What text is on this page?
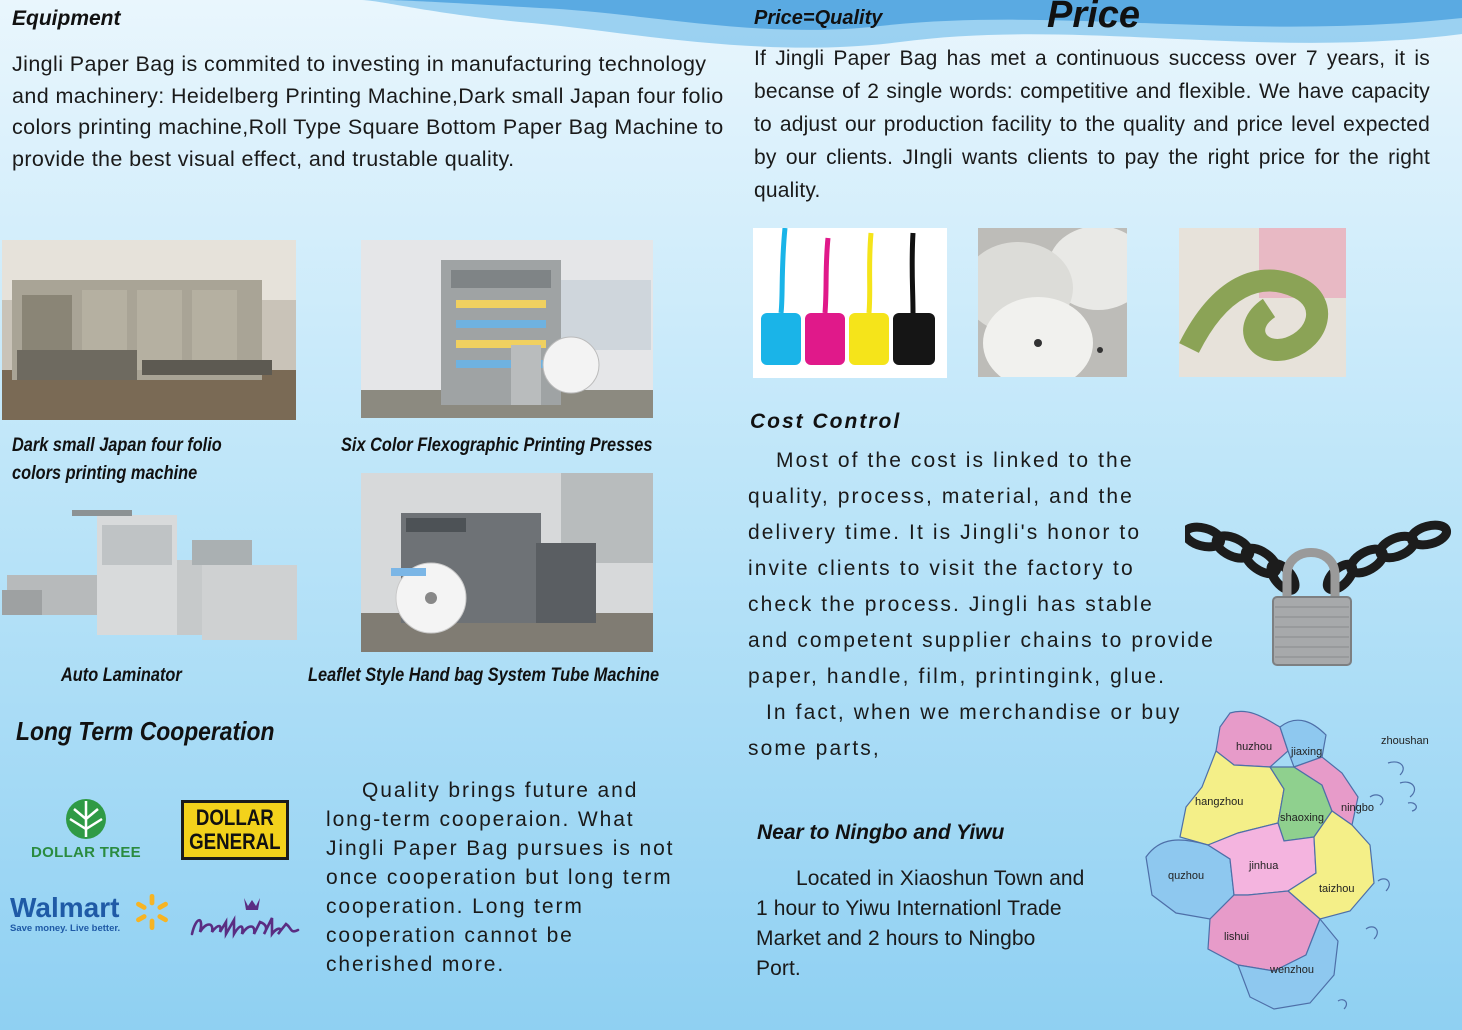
Equipment

Jingli Paper Bag is commited to investing in manufacturing technology and machinery: Heidelberg Printing Machine,Dark small Japan four folio colors printing machine,Roll Type Square Bottom Paper Bag Machine to provide the best visual effect, and trustable quality.

Dark small Japan four folio colors printing machine
Six Color Flexographic Printing Presses
Auto Laminator	Leaflet Style Hand bag System Tube Machine
Long Term Cooperation

Quality brings future and long-term cooperaion. What Jingli Paper Bag pursues is not once cooperation but long term cooperation. Long term cooperation cannot be cherished more.

DOLLAR TREE
DOLLAR
GENERAL
Walmart
Save money. Live better.
Price
Price=Quality

If Jingli Paper Bag has met a continuous success over 7 years, it is becanse of 2 single words: competitive and flexible. We have capacity to adjust our production facility to the quality and price level expected by our clients. JIngli wants clients to pay the right price for the right quality.

Cost Control
Most of the cost is linked to the
quality, process, material, and the
delivery time. It is Jingli's honor to
invite clients to visit the factory to
check the process. Jingli has stable
and competent supplier chains to provide
paper, handle, film, printingink, glue.
In fact, when we merchandise or buy
some parts,
Near to Ningbo and Yiwu

Located in Xiaoshun Town and 1 hour to Yiwu Internationl Trade Market and 2 hours to Ningbo Port.

huzhou jiaxing
zhoushan
hangzhou
shaoxing
ningbo
quzhou
jinhua
taizhou
lishui
wenzhou
